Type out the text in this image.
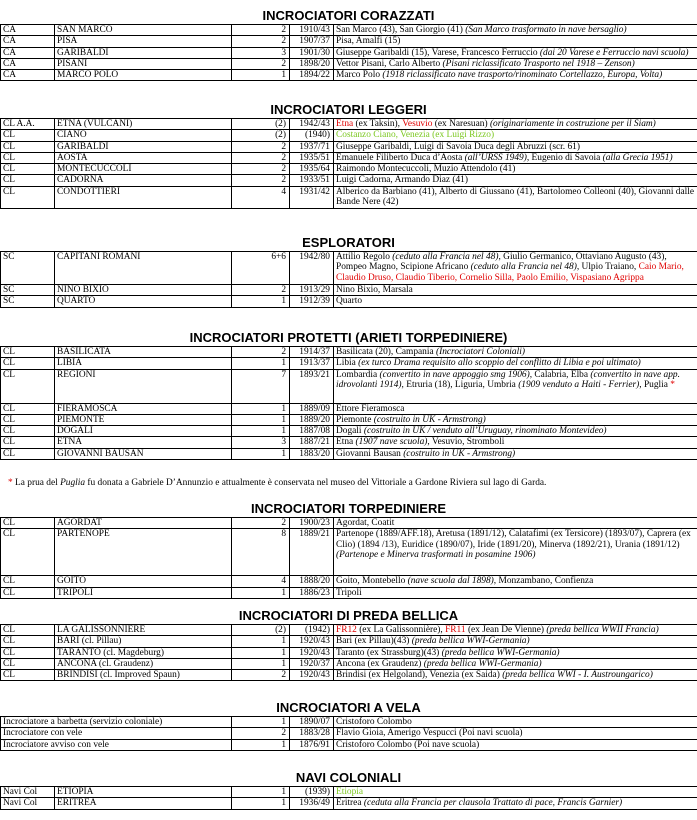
INCROCIATORI CORAZZATI
CA	SAN MARCO	2	1910/43	San Marco (43), San Giorgio (41) (San Marco trasformato in nave bersaglio)
CA	PISA	2	1907/37	Pisa, Amalfi (15)
CA	GARIBALDI	3	1901/30	Giuseppe Garibaldi (15), Varese, Francesco Ferruccio (dai 20 Varese e Ferruccio navi scuola)
CA	PISANI	2	1898/20	Vettor Pisani, Carlo Alberto (Pisani riclassificato Trasporto nel 1918 – Zenson)
CA	MARCO POLO	1	1894/22	Marco Polo (1918 riclassificato nave trasporto/rinominato Cortellazzo, Europa, Volta)
INCROCIATORI LEGGERI
CL A.A.	ETNA (VULCANI)	(2)	1942/43	Etna (ex Taksin), Vesuvio (ex Naresuan) (originariamente in costruzione per il Siam)
CL	CIANO	(2)	(1940)	Costanzo Ciano, Venezia (ex Luigi Rizzo)
CL	GARIBALDI	2	1937/71	Giuseppe Garibaldi, Luigi di Savoia Duca degli Abruzzi (scr. 61)
CL	AOSTA	2	1935/51	Emanuele Filiberto Duca d’Aosta (all’URSS 1949), Eugenio di Savoia (alla Grecia 1951)
CL	MONTECUCCOLI	2	1935/64	Raimondo Montecuccoli, Muzio Attendolo (41)
CL	CADORNA	2	1933/51	Luigi Cadorna, Armando Diaz (41)
CL	CONDOTTIERI	4	1931/42	Alberico da Barbiano (41), Alberto di Giussano (41), Bartolomeo Colleoni (40), Giovanni dalle Bande Nere (42)
ESPLORATORI
SC	CAPITANI ROMANI	6+6	1942/80	Attilio Regolo (ceduto alla Francia nel 48), Giulio Germanico, Ottaviano Augusto (43), Pompeo Magno, Scipione Africano (ceduto alla Francia nel 48), Ulpio Traiano, Caio Mario, Claudio Druso, Claudio Tiberio, Cornelio Silla, Paolo Emilio, Vispasiano Agrippa
SC	NINO BIXIO	2	1913/29	Nino Bixio, Marsala
SC	QUARTO	1	1912/39	Quarto
INCROCIATORI PROTETTI (ARIETI TORPEDINIERE)
CL	BASILICATA	2	1914/37	Basilicata (20), Campania (Incrociatori Coloniali)
CL	LIBIA	1	1913/37	Libia (ex turco Drama requisito allo scoppio del conflitto di Libia e poi ultimato)
CL	REGIONI	7	1893/21	Lombardia (convertito in nave appoggio smg 1906), Calabria, Elba (convertito in nave app. idrovolanti 1914), Etruria (18), Liguria, Umbria (1909 venduto a Haiti - Ferrier), Puglia *
CL	FIERAMOSCA	1	1889/09	Ettore Fieramosca
CL	PIEMONTE	1	1889/20	Piemonte (costruito in UK - Armstrong)
CL	DOGALI	1	1887/08	Dogali (costruito in UK / venduto all’Uruguay, rinominato Montevideo)
CL	ETNA	3	1887/21	Etna (1907 nave scuola), Vesuvio, Stromboli
CL	GIOVANNI BAUSAN	1	1883/20	Giovanni Bausan (costruito in UK - Armstrong)
* La prua del Puglia fu donata a Gabriele D’Annunzio e attualmente è conservata nel museo del Vittoriale a Gardone Riviera sul lago di Garda.
INCROCIATORI TORPEDINIERE
CL	AGORDAT	2	1900/23	Agordat, Coatit
CL	PARTENOPE	8	1889/21	Partenope (1889/AFF.18), Aretusa (1891/12), Calatafimi (ex Tersicore) (1893/07), Caprera (ex Clio) (1894 /13), Euridice (1890/07), Iride (1891/20), Minerva (1892/21), Urania (1891/12) (Partenope e Minerva trasformati in posamine 1906)
CL	GOITO	4	1888/20	Goito, Montebello (nave scuola dal 1898), Monzambano, Confienza
CL	TRIPOLI	1	1886/23	Tripoli
INCROCIATORI DI PREDA BELLICA
CL	LA GALISSONNIÈRE	(2)	(1942)	FR12 (ex La Galissonnière), FR11 (ex Jean De Vienne) (preda bellica WWII Francia)
CL	BARI (cl. Pillau)	1	1920/43	Bari (ex Pillau)(43) (preda bellica WWI-Germania)
CL	TARANTO (cl. Magdeburg)	1	1920/43	Taranto (ex Strassburg)(43) (preda bellica WWI-Germania)
CL	ANCONA (cl. Graudenz)	1	1920/37	Ancona (ex Graudenz) (preda bellica WWI-Germania)
CL	BRINDISI (cl. Improved Spaun)	2	1920/43	Brindisi (ex Helgoland), Venezia (ex Saida) (preda bellica WWI - I. Austroungarico)
INCROCIATORI A VELA
Incrociatore a barbetta (servizio coloniale)	1	1890/07	Cristoforo Colombo
Incrociatore con vele	2	1883/28	Flavio Gioia, Amerigo Vespucci (Poi navi scuola)
Incrociatore avviso con vele	1	1876/91	Cristoforo Colombo (Poi nave scuola)
NAVI COLONIALI
Navi Col	ETIOPIA	1	(1939)	Etiopia
Navi Col	ERITREA	1	1936/49	Eritrea (ceduta alla Francia per clausola Trattato di pace, Francis Garnier)
